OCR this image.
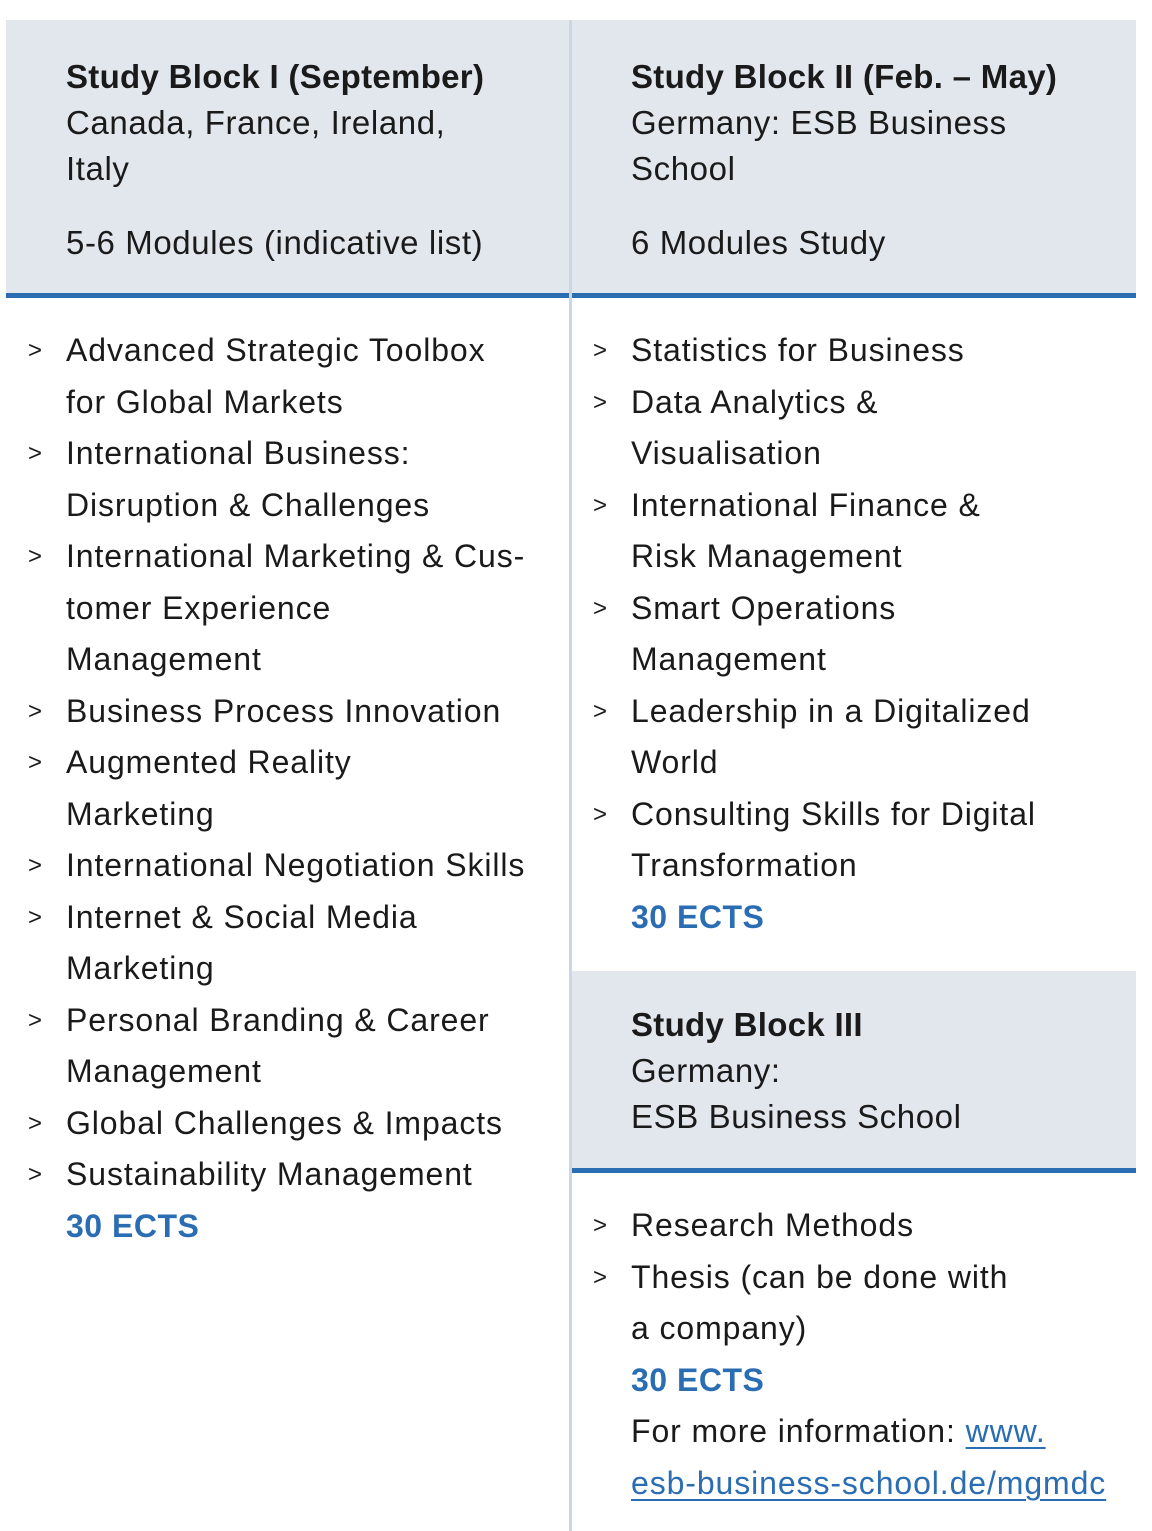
Study Block I (September)
Canada, France, Ireland,
Italy
5-6 Modules (indicative list)
Study Block II (Feb. – May)
Germany: ESB Business
School
6 Modules Study
> Advanced Strategic Toolbox
for Global Markets
> International Business:
Disruption & Challenges
> International Marketing & Cus-
tomer Experience
Management
> Business Process Innovation
> Augmented Reality
Marketing
> International Negotiation Skills
> Internet & Social Media
Marketing
> Personal Branding & Career
Management
> Global Challenges & Impacts
> Sustainability Management
30 ECTS
> Statistics for Business
> Data Analytics &
Visualisation
> International Finance &
Risk Management
> Smart Operations
Management
> Leadership in a Digitalized
World
> Consulting Skills for Digital
Transformation
30 ECTS
Study Block III
Germany:
ESB Business School
> Research Methods
> Thesis (can be done with
a company)
30 ECTS
For more information: www.
esb-business-school.de/mgmdc
